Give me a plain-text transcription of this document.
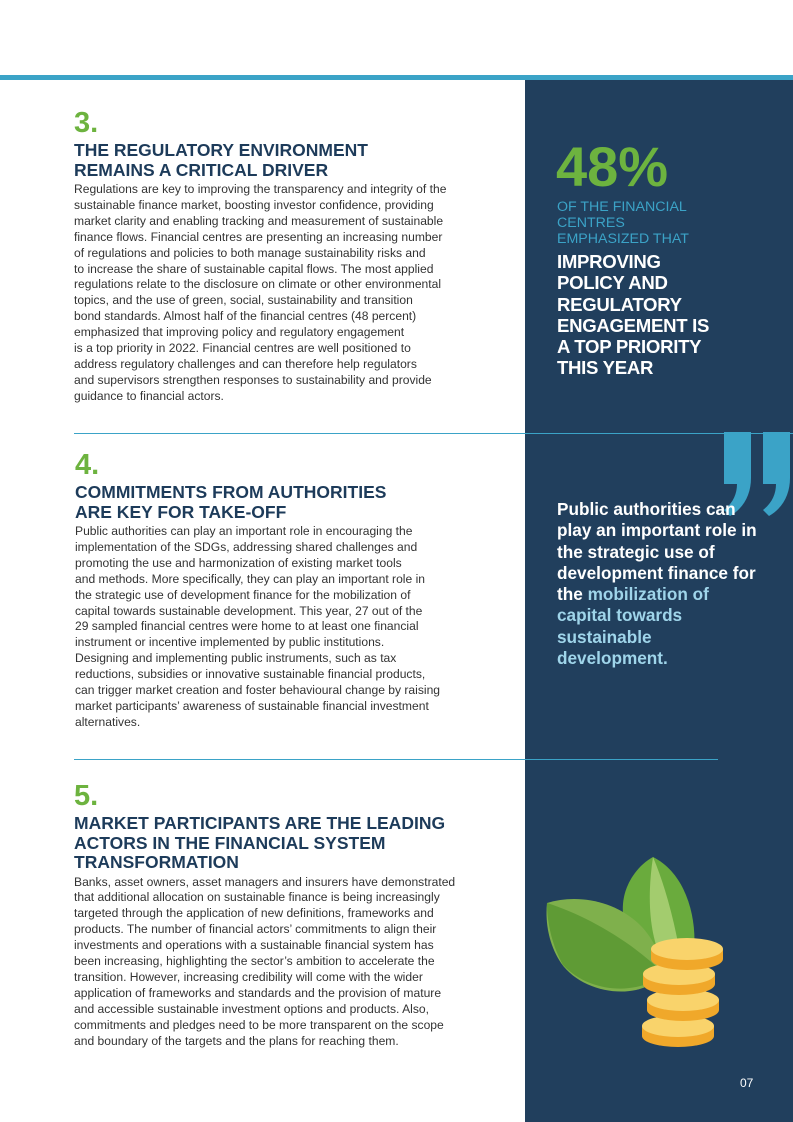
3.

THE REGULATORY ENVIRONMENT
REMAINS A CRITICAL DRIVER

Regulations are key to improving the transparency and integrity of the
sustainable finance market, boosting investor confidence, providing
market clarity and enabling tracking and measurement of sustainable
finance flows. Financial centres are presenting an increasing number
of regulations and policies to both manage sustainability risks and
to increase the share of sustainable capital flows. The most applied
regulations relate to the disclosure on climate or other environmental
topics, and the use of green, social, sustainability and transition
bond standards. Almost half of the financial centres (48 percent)
emphasized that improving policy and regulatory engagement
is a top priority in 2022. Financial centres are well positioned to
address regulatory challenges and can therefore help regulators
and supervisors strengthen responses to sustainability and provide
guidance to financial actors.

4.

COMMITMENTS FROM AUTHORITIES
ARE KEY FOR TAKE-OFF

Public authorities can play an important role in encouraging the
implementation of the SDGs, addressing shared challenges and
promoting the use and harmonization of existing market tools
and methods. More specifically, they can play an important role in
the strategic use of development finance for the mobilization of
capital towards sustainable development. This year, 27 out of the
29 sampled financial centres were home to at least one financial
instrument or incentive implemented by public institutions.
Designing and implementing public instruments, such as tax
reductions, subsidies or innovative sustainable financial products,
can trigger market creation and foster behavioural change by raising
market participants’ awareness of sustainable financial investment
alternatives.

5.

MARKET PARTICIPANTS ARE THE LEADING
ACTORS IN THE FINANCIAL SYSTEM
TRANSFORMATION

Banks, asset owners, asset managers and insurers have demonstrated
that additional allocation on sustainable finance is being increasingly
targeted through the application of new definitions, frameworks and
products. The number of financial actors’ commitments to align their
investments and operations with a sustainable financial system has
been increasing, highlighting the sector’s ambition to accelerate the
transition. However, increasing credibility will come with the wider
application of frameworks and standards and the provision of mature
and accessible sustainable investment options and products. Also,
commitments and pledges need to be more transparent on the scope
and boundary of the targets and the plans for reaching them.

48%

OF THE FINANCIAL
CENTRES
EMPHASIZED THAT

IMPROVING
POLICY AND
REGULATORY
ENGAGEMENT IS
A TOP PRIORITY
THIS YEAR

Public authorities can play an important role in the strategic use of development finance for the mobilization of capital towards sustainable development.

07
